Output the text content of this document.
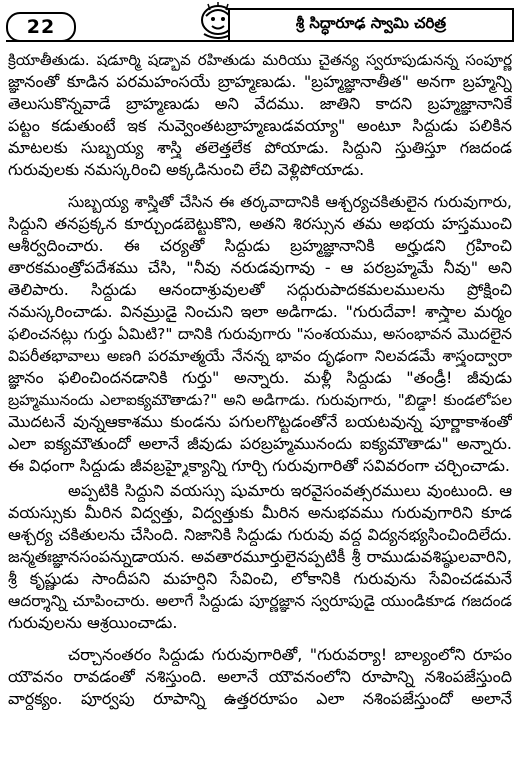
22	శ్రీ సిద్ధారూఢ స్వామి చరిత్ర
క్రియాతీతుడు. షడూర్మి షడ్భావ రహితుడు మరియు చైతన్య స్వరూపుడునన్న సంపూర్ణ
జ్ఞానంతో కూడిన పరమహంసయే బ్రాహ్మణుడు. "బ్రహ్మజ్ఞానాతీత" అనగా బ్రహ్మన్ని
తెలుసుకొన్నవాడే బ్రాహ్మణుడు అని వేదము. జాతిని కాదని బ్రహ్మజ్ఞానానికే
పట్టం కడుతుంటే ఇక నువ్వెంతటబ్రాహ్మణుడవయ్యా" అంటూ సిద్ధుడు పలికిన
మాటలకు సుబ్బయ్య శాస్త్రి తలెత్తలేక పోయాడు. సిద్ధుని స్తుతిస్తూ గజదండ
గురువులకు నమస్కరించి అక్కడినుంచి లేచి వెళ్లిపోయాడు.
సుబ్బయ్య శాస్త్రితో చేసిన ఈ తర్కవాదానికి ఆశ్చర్యచకితులైన గురువుగారు,
సిద్ధుని తనప్రక్కన కూర్చుండబెట్టుకొని, అతని శిరస్సున తమ అభయ హస్తముంచి
ఆశీర్వదించారు. ఈ చర్యతో సిద్ధుడు బ్రహ్మజ్ఞానానికి అర్హుడని గ్రహించి
తారకమంత్రోపదేశము చేసి, "నీవు నరుడవుగావు - ఆ పరబ్రహ్మమే నీవు" అని
తెలిపారు. సిద్ధుడు ఆనందాశ్రువులతో సద్గురుపాదకమలములను ప్రోక్షించి
నమస్కరించాడు. వినమ్రుడై నించుని ఇలా అడిగాడు. "గురుదేవా! శాస్త్రాల మర్మం
ఫలించనట్లు గుర్తు ఏమిటి?" దానికి గురువుగారు "సంశయము, అసంభావన మొదలైన
విపరీతభావాలు అణగి పరమాత్మయే నేనన్న భావం దృఢంగా నిలవడమే శాస్త్రంద్వారా
జ్ఞానం ఫలించిందనడానికి గుర్తు" అన్నారు. మళ్లీ సిద్ధుడు "తండ్రీ! జీవుడు
బ్రహ్మమునందు ఎలాఐక్యమౌతాడు?" అని అడిగాడు. గురువుగారు, "బిడ్డా! కుండలోపల
మొదటనే వున్నఆకాశము కుండను పగులగొట్టడంతోనే బయటవున్న పూర్ణాకాశంతో
ఎలా ఐక్యమౌతుందో అలానే జీవుడు పరబ్రహ్మమునందు ఐక్యమౌతాడు" అన్నారు.
ఈ విధంగా సిద్ధుడు జీవబ్రహ్మైక్యాన్ని గూర్చి గురువుగారితో సవివరంగా చర్చించాడు.
అప్పటికి సిద్ధుని వయస్సు షుమారు ఇరవైసంవత్సరములు వుంటుంది. ఆ
వయస్సుకు మీరిన విద్వత్తు, విద్వత్తుకు మీరిన అనుభవము గురువుగారిని కూడ
ఆశ్చర్య చకితులను చేసింది. నిజానికి సిద్ధుడు గురువు వద్ద విద్యనభ్యసించిందిలేదు.
జన్మతఃజ్ఞానసంపన్నుడాయన. అవతారమూర్తులైనప్పటికీ శ్రీ రాముడువశిష్ఠులవారిని,
శ్రీ కృష్ణుడు సాందీపని మహర్షిని సేవించి, లోకానికి గురువును సేవించడమనే
ఆదర్శాన్ని చూపించారు. అలాగే సిద్ధుడు పూర్ణజ్ఞాన స్వరూపుడై యుండికూడ గజదండ
గురువులను ఆశ్రయించాడు.
చర్చానంతరం సిద్ధుడు గురువుగారితో, "గురువర్యా! బాల్యంలోని రూపం
యౌవనం రావడంతో నశిస్తుంది. అలానే యౌవనంలోని రూపాన్ని నశింపజేస్తుంది
వార్ధక్యం. పూర్వపు రూపాన్ని ఉత్తరరూపం ఎలా నశింపజేస్తుందో అలానే
